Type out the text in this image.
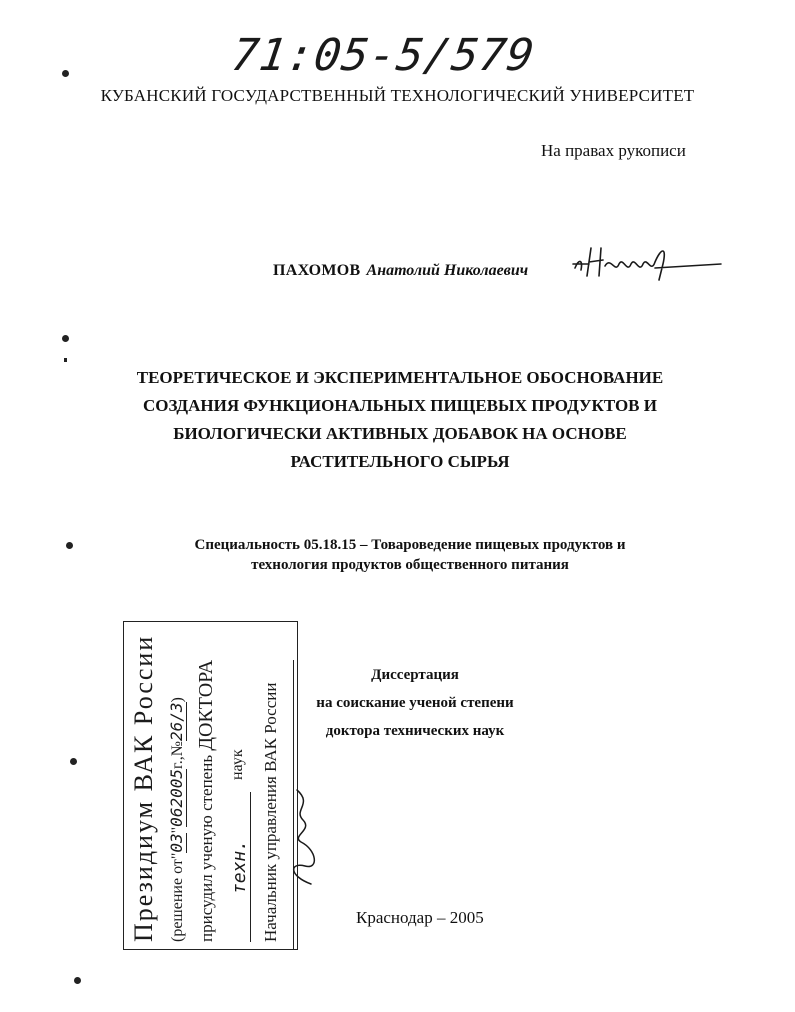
71:05-5/579
КУБАНСКИЙ ГОСУДАРСТВЕННЫЙ ТЕХНОЛОГИЧЕСКИЙ УНИВЕРСИТЕТ
На правах рукописи
ПАХОМОВ Анатолий Николаевич
ТЕОРЕТИЧЕСКОЕ И ЭКСПЕРИМЕНТАЛЬНОЕ ОБОСНОВАНИЕ
СОЗДАНИЯ ФУНКЦИОНАЛЬНЫХ ПИЩЕВЫХ ПРОДУКТОВ И
БИОЛОГИЧЕСКИ АКТИВНЫХ ДОБАВОК НА ОСНОВЕ
РАСТИТЕЛЬНОГО СЫРЬЯ
Специальность 05.18.15 – Товароведение пищевых продуктов и
технология продуктов общественного питания
Диссертация
на соискание ученой степени
доктора технических наук
Краснодар – 2005
Президиум ВАК России (решение от"03"062005г.,№26/3)
присудил ученую степень ДОКТОРА
техн.
наук Начальник управления ВАК России
